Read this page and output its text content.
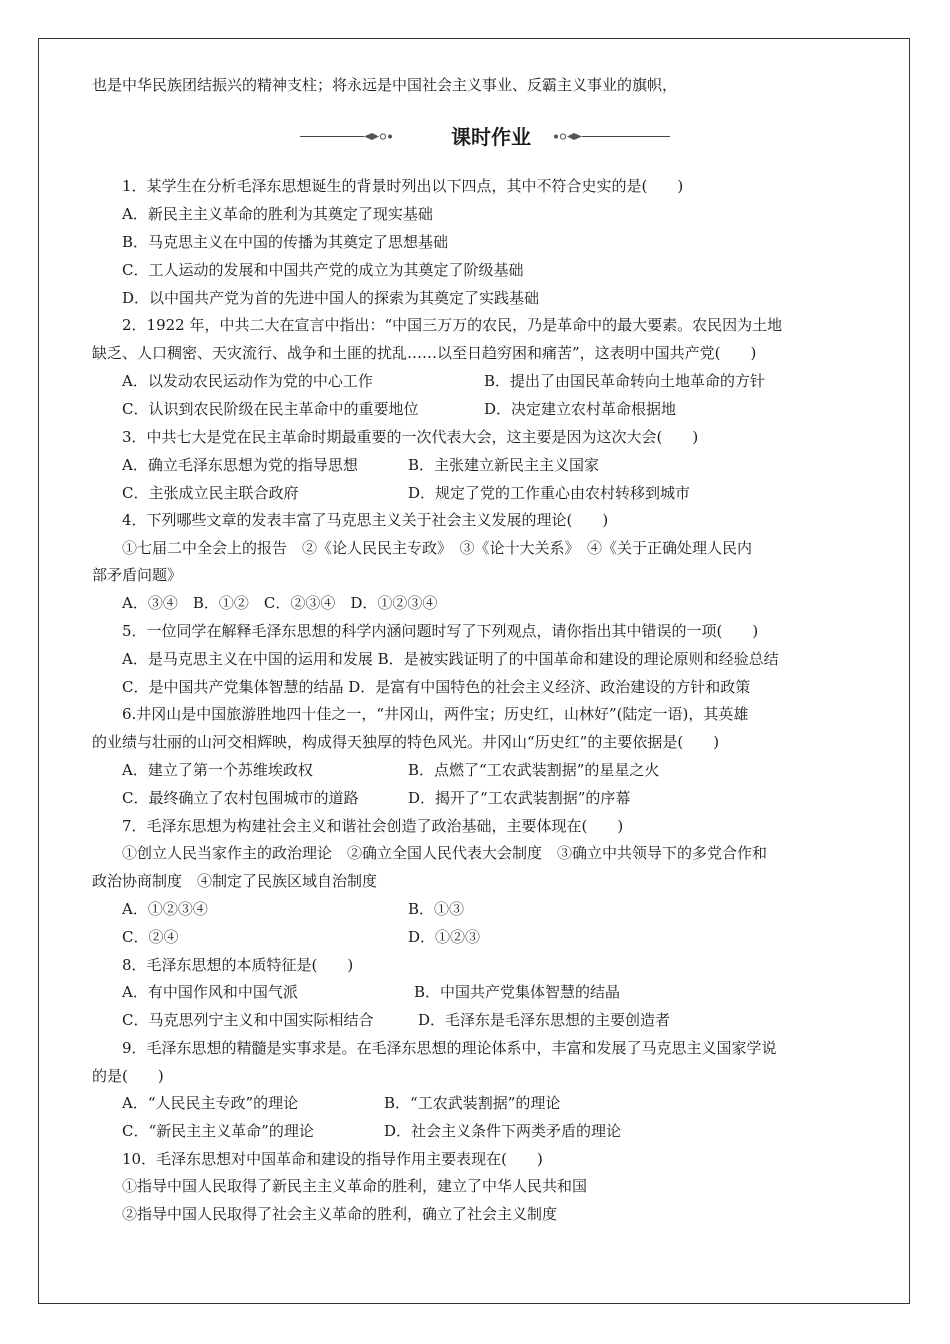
也是中华民族团结振兴的精神支柱；将永远是中国社会主义事业、反霸主义事业的旗帜，
课时作业
1．某学生在分析毛泽东思想诞生的背景时列出以下四点，其中不符合史实的是(　　)
A．新民主主义革命的胜利为其奠定了现实基础
B．马克思主义在中国的传播为其奠定了思想基础
C．工人运动的发展和中国共产党的成立为其奠定了阶级基础
D．以中国共产党为首的先进中国人的探索为其奠定了实践基础
2．1922 年，中共二大在宣言中指出：“中国三万万的农民，乃是革命中的最大要素。农民因为土地
缺乏、人口稠密、天灾流行、战争和土匪的扰乱……以至日趋穷困和痛苦”，这表明中国共产党(　　)
A．以发动农民运动作为党的中心工作	B．提出了由国民革命转向土地革命的方针
C．认识到农民阶级在民主革命中的重要地位	D．决定建立农村革命根据地
3．中共七大是党在民主革命时期最重要的一次代表大会，这主要是因为这次大会(　　)
A．确立毛泽东思想为党的指导思想	B．主张建立新民主主义国家
C．主张成立民主联合政府	D．规定了党的工作重心由农村转移到城市
4．下列哪些文章的发表丰富了马克思主义关于社会主义发展的理论(　　)
①七届二中全会上的报告　②《论人民民主专政》　③《论十大关系》　④《关于正确处理人民内
部矛盾问题》
A．③④　B．①②　C．②③④　D．①②③④
5．一位同学在解释毛泽东思想的科学内涵问题时写了下列观点，请你指出其中错误的一项(　　)
A．是马克思主义在中国的运用和发展 B．是被实践证明了的中国革命和建设的理论原则和经验总结
C．是中国共产党集体智慧的结晶 D．是富有中国特色的社会主义经济、政治建设的方针和政策
6.井冈山是中国旅游胜地四十佳之一，“井冈山，两件宝；历史红，山林好”(陆定一语)，其英雄
的业绩与壮丽的山河交相辉映，构成得天独厚的特色风光。井冈山“历史红”的主要依据是(　　)
A．建立了第一个苏维埃政权	B．点燃了“工农武装割据”的星星之火
C．最终确立了农村包围城市的道路	D．揭开了“工农武装割据”的序幕
7．毛泽东思想为构建社会主义和谐社会创造了政治基础，主要体现在(　　)
①创立人民当家作主的政治理论　②确立全国人民代表大会制度　③确立中共领导下的多党合作和
政治协商制度　④制定了民族区域自治制度
A．①②③④	B．①③
C．②④	D．①②③
8．毛泽东思想的本质特征是(　　)
A．有中国作风和中国气派	B．中国共产党集体智慧的结晶
C．马克思列宁主义和中国实际相结合	D．毛泽东是毛泽东思想的主要创造者
9．毛泽东思想的精髓是实事求是。在毛泽东思想的理论体系中，丰富和发展了马克思主义国家学说
的是(　　)
A．“人民民主专政”的理论	B．“工农武装割据”的理论
C．“新民主主义革命”的理论	D．社会主义条件下两类矛盾的理论
10．毛泽东思想对中国革命和建设的指导作用主要表现在(　　)
①指导中国人民取得了新民主主义革命的胜利，建立了中华人民共和国
②指导中国人民取得了社会主义革命的胜利，确立了社会主义制度
